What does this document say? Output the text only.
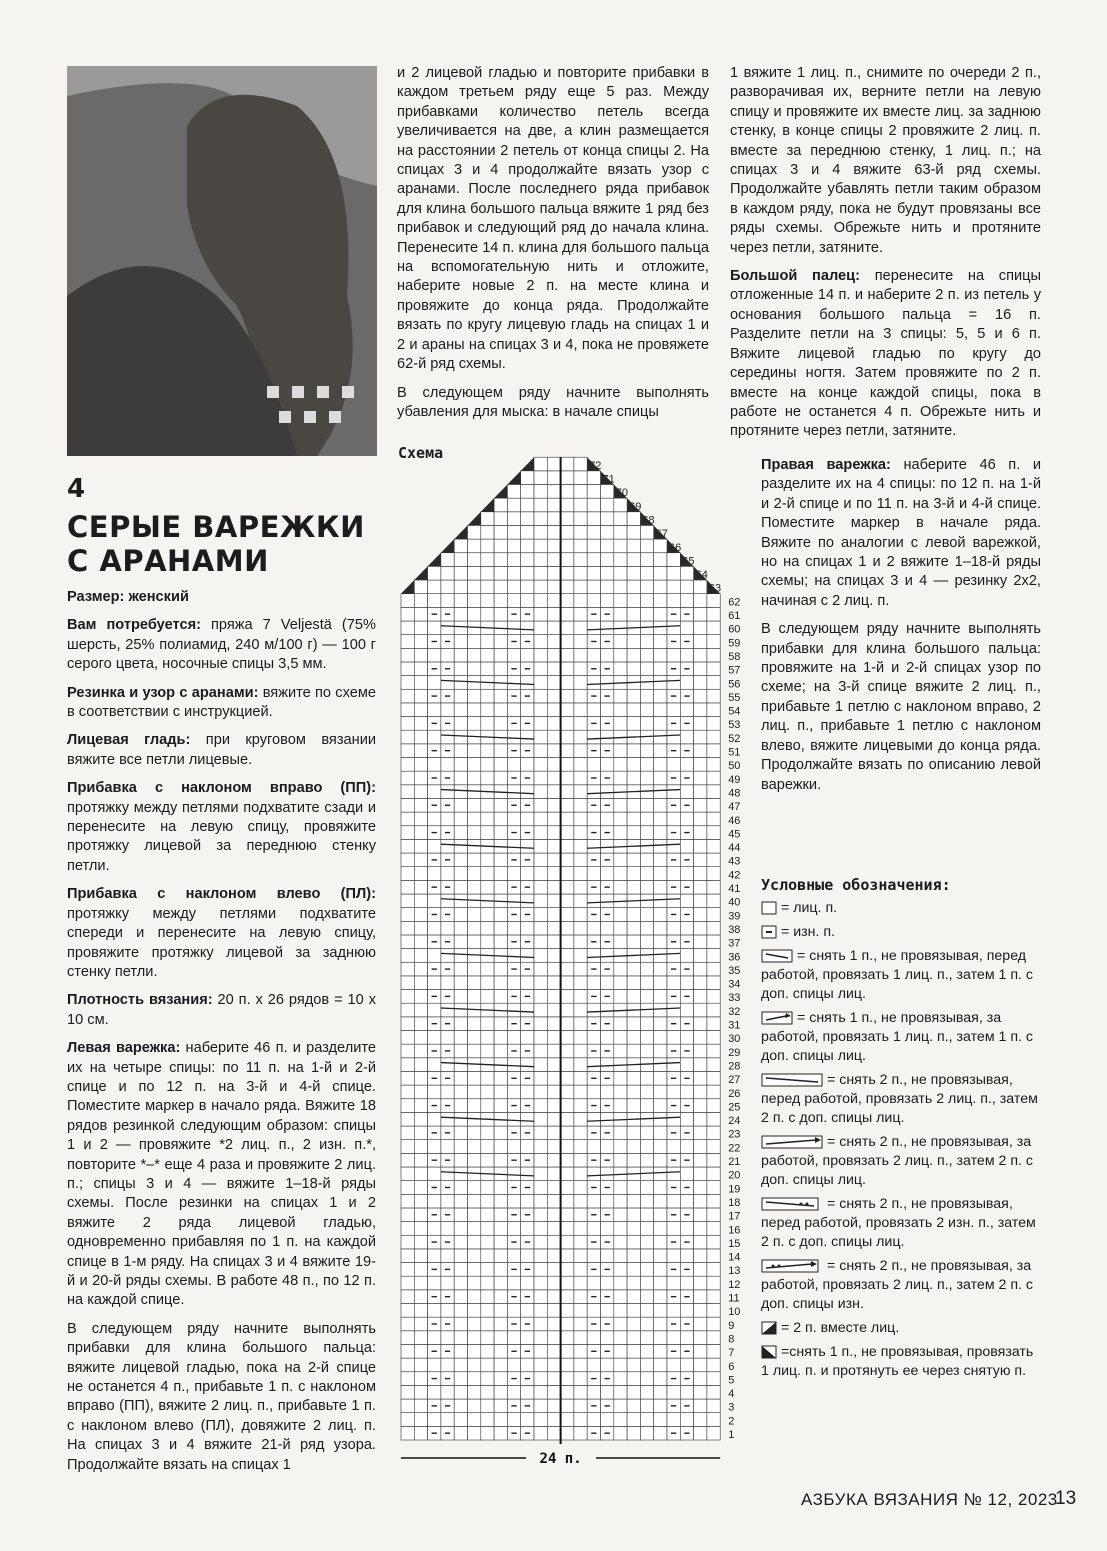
4
СЕРЫЕ ВАРЕЖКИ
С АРАНАМИ

Размер: женский

Вам потребуется: пряжа 7 Veljestä (75% шерсть, 25% полиамид, 240 м/100 г) — 100 г серого цвета, носочные спицы 3,5 мм.

Резинка и узор с аранами: вяжите по схеме в соответствии с инструкцией.

Лицевая гладь: при круговом вязании вяжите все петли лицевые.

Прибавка с наклоном вправо (ПП): протяжку между петлями подхватите сзади и перенесите на левую спицу, провяжите протяжку лицевой за переднюю стенку петли.

Прибавка с наклоном влево (ПЛ): протяжку между петлями подхватите спереди и перенесите на левую спицу, провяжите протяжку лицевой за заднюю стенку петли.

Плотность вязания: 20 п. х 26 рядов = 10 х 10 см.

Левая варежка: наберите 46 п. и разделите их на четыре спицы: по 11 п. на 1-й и 2-й спице и по 12 п. на 3-й и 4-й спице. Поместите маркер в начало ряда. Вяжите 18 рядов резинкой следующим образом: спицы 1 и 2 — провяжите *2 лиц. п., 2 изн. п.*, повторите *–* еще 4 раза и провяжите 2 лиц. п.; спицы 3 и 4 — вяжите 1–18-й ряды схемы. После резинки на спицах 1 и 2 вяжите 2 ряда лицевой гладью, одновременно прибавляя по 1 п. на каждой спице в 1-м ряду. На спицах 3 и 4 вяжите 19-й и 20-й ряды схемы. В работе 48 п., по 12 п. на каждой спице.

В следующем ряду начните выполнять прибавки для клина большого пальца: вяжите лицевой гладью, пока на 2-й спице не останется 4 п., прибавьте 1 п. с наклоном вправо (ПП), вяжите 2 лиц. п., прибавьте 1 п. с наклоном влево (ПЛ), довяжите 2 лиц. п. На спицах 3 и 4 вяжите 21-й ряд узора. Продолжайте вязать на спицах 1

и 2 лицевой гладью и повторите прибавки в каждом третьем ряду еще 5 раз. Между прибавками количество петель всегда увеличивается на две, а клин размещается на расстоянии 2 петель от конца спицы 2. На спицах 3 и 4 продолжайте вязать узор с аранами. После последнего ряда прибавок для клина большого пальца вяжите 1 ряд без прибавок и следующий ряд до начала клина. Перенесите 14 п. клина для большого пальца на вспомогательную нить и отложите, наберите новые 2 п. на месте клина и провяжите до конца ряда. Продолжайте вязать по кругу лицевую гладь на спицах 1 и 2 и араны на спицах 3 и 4, пока не провяжете 62-й ряд схемы.

В следующем ряду начните выполнять убавления для мыска: в начале спицы

1 вяжите 1 лиц. п., снимите по очереди 2 п., разворачивая их, верните петли на левую спицу и провяжите их вместе лиц. за заднюю стенку, в конце спицы 2 провяжите 2 лиц. п. вместе за переднюю стенку, 1 лиц. п.; на спицах 3 и 4 вяжите 63-й ряд схемы. Продолжайте убавлять петли таким образом в каждом ряду, пока не будут провязаны все ряды схемы. Обрежьте нить и протяните через петли, затяните.

Большой палец: перенесите на спицы отложенные 14 п. и наберите 2 п. из петель у основания большого пальца = 16 п. Разделите петли на 3 спицы: 5, 5 и 6 п. Вяжите лицевой гладью по кругу до середины ногтя. Затем провяжите по 2 п. вместе на конце каждой спицы, пока в работе не останется 4 п. Обрежьте нить и протяните через петли, затяните.

Правая варежка: наберите 46 п. и разделите их на 4 спицы: по 12 п. на 1-й и 2-й спице и по 11 п. на 3-й и 4-й спице. Поместите маркер в начале ряда. Вяжите по аналогии с левой варежкой, но на спицах 1 и 2 вяжите 1–18-й ряды схемы; на спицах 3 и 4 — резинку 2х2, начиная с 2 лиц. п.

В следующем ряду начните выполнять прибавки для клина большого пальца: провяжите на 1-й и 2-й спицах узор по схеме; на 3-й спице вяжите 2 лиц. п., прибавьте 1 петлю с наклоном вправо, 2 лиц. п., прибавьте 1 петлю с наклоном влево, вяжите лицевыми до конца ряда. Продолжайте вязать по описанию левой варежки.

Схема
1
2
3
4
5
6
7
8
9
10
11
12
13
14
15
16
17
18
19
20
21
22
23
24
25
26
27
28
29
30
31
32
33
34
35
36
37
38
39
40
41
42
43
44
45
46
47
48
49
50
51
52
53
54
55
56
57
58
59
60
61
62
63
64
65
66
67
68
69
70
71
72
24 п.
Условные обозначения:
= лиц. п.
= изн. п.
= снять 1 п., не провязывая, перед работой, провязать 1 лиц. п., затем 1 п. с доп. спицы лиц.
= снять 1 п., не провязывая, за работой, провязать 1 лиц. п., затем 1 п. с доп. спицы лиц.
= снять 2 п., не провязывая, перед работой, провязать 2 лиц. п., затем 2 п. с доп. спицы лиц.
= снять 2 п., не провязывая, за работой, провязать 2 лиц. п., затем 2 п. с доп. спицы лиц.
= снять 2 п., не провязывая, перед работой, провязать 2 изн. п., затем 2 п. с доп. спицы лиц.
= снять 2 п., не провязывая, за работой, провязать 2 лиц. п., затем 2 п. с доп. спицы изн.
= 2 п. вместе лиц.
=снять 1 п., не провязывая, провязать 1 лиц. п. и протянуть ее через снятую п.
АЗБУКА ВЯЗАНИЯ № 12, 2023
13
